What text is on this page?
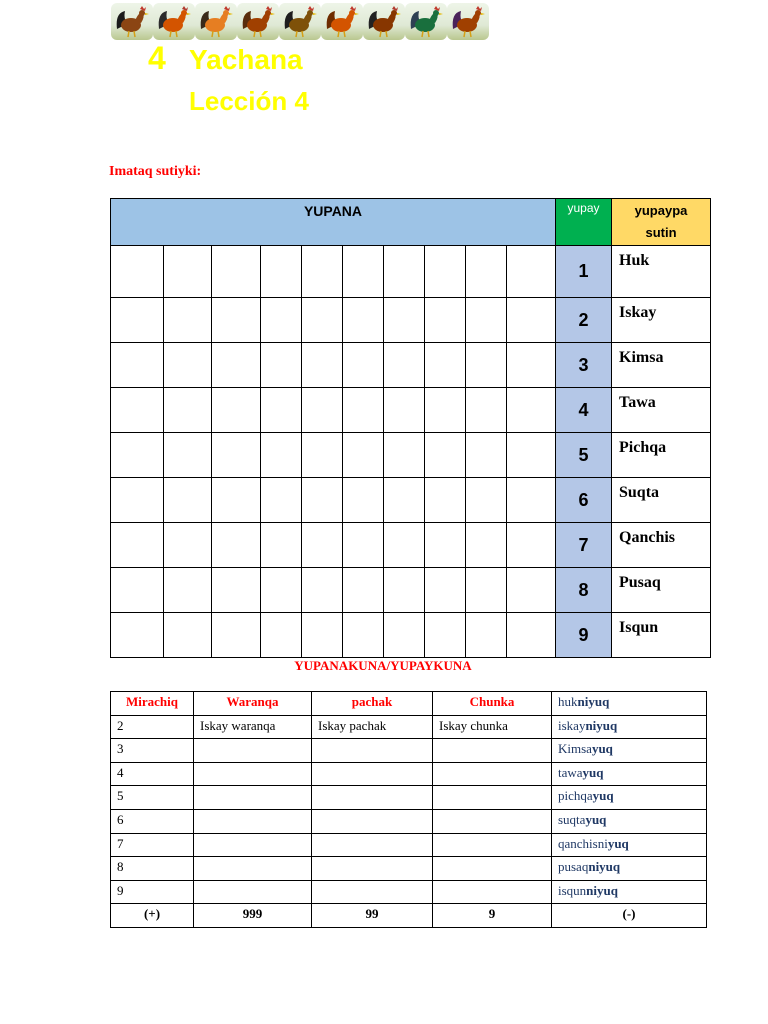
4 Yachana
Lección 4
Imataq sutiyki:
YUPANA										yupay	yupaypa
sutin

										1	Huk
										2	Iskay
										3	Kimsa
										4	Tawa
										5	Pichqa
										6	Suqta
										7	Qanchis
										8	Pusaq
										9	Isqun
YUPANAKUNA/YUPAYKUNA
Mirachiq	Waranqa	pachak	Chunka	hukniyuq
2	Iskay waranqa	Iskay pachak	Iskay chunka	iskayniyuq
3				Kimsayuq
4				tawayuq
5				pichqayuq
6				suqtayuq
7				qanchisniyuq
8				pusaqniyuq
9				isqunniyuq
(+)	999	99	9	(-)
